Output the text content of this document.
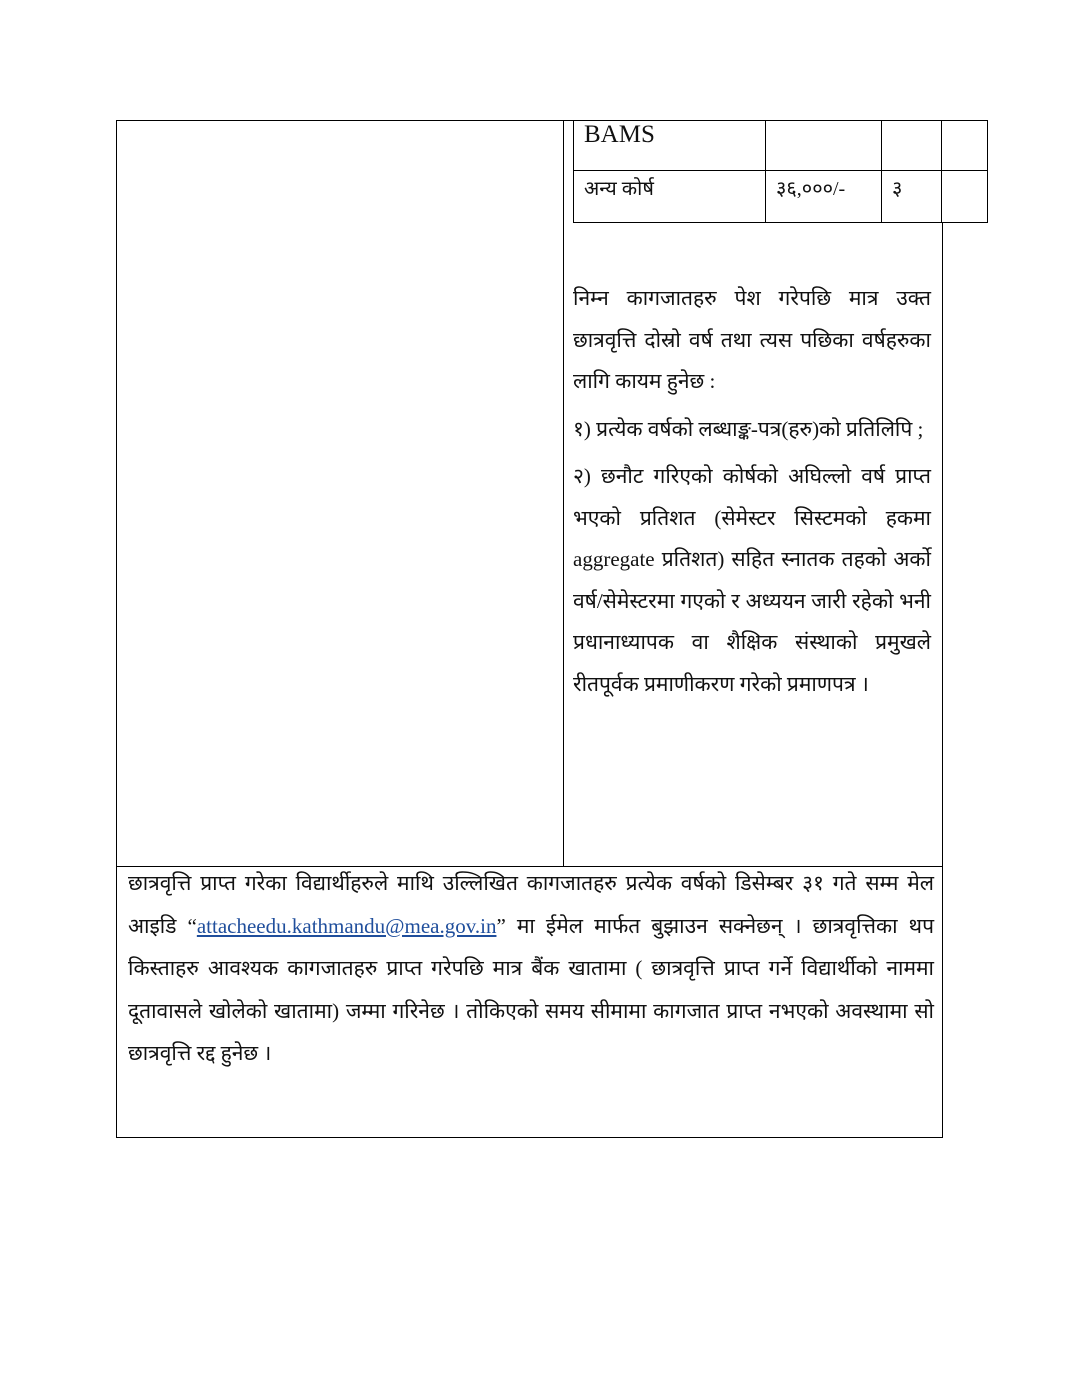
BAMS
अन्य कोर्ष	३६,०००/- ३

निम्न कागजातहरु पेश गरेपछि मात्र उक्त छात्रवृत्ति दोस्रो वर्ष तथा त्यस पछिका वर्षहरुका लागि कायम हुनेछ :

१) प्रत्येक वर्षको लब्धाङ्क-पत्र(हरु)को प्रतिलिपि ;

२) छनौट गरिएको कोर्षको अघिल्लो वर्ष प्राप्त भएको प्रतिशत (सेमेस्टर सिस्टमको हकमा aggregate प्रतिशत) सहित स्नातक तहको अर्को वर्ष/सेमेस्टरमा गएको र अध्ययन जारी रहेको भनी प्रधानाध्यापक वा शैक्षिक संस्थाको प्रमुखले रीतपूर्वक प्रमाणीकरण गरेको प्रमाणपत्र ।

छात्रवृत्ति प्राप्त गरेका विद्यार्थीहरुले माथि उल्लिखित कागजातहरु प्रत्येक वर्षको डिसेम्बर ३१ गते सम्म मेल आइडि “attacheedu.kathmandu@mea.gov.in” मा ईमेल मार्फत बुझाउन सक्नेछन् । छात्रवृत्तिका थप किस्ताहरु आवश्यक कागजातहरु प्राप्त गरेपछि मात्र बैंक खातामा ( छात्रवृत्ति प्राप्त गर्ने विद्यार्थीको नाममा दूतावासले खोलेको खातामा) जम्मा गरिनेछ । तोकिएको समय सीमामा कागजात प्राप्त नभएको अवस्थामा सो छात्रवृत्ति रद्द हुनेछ ।
